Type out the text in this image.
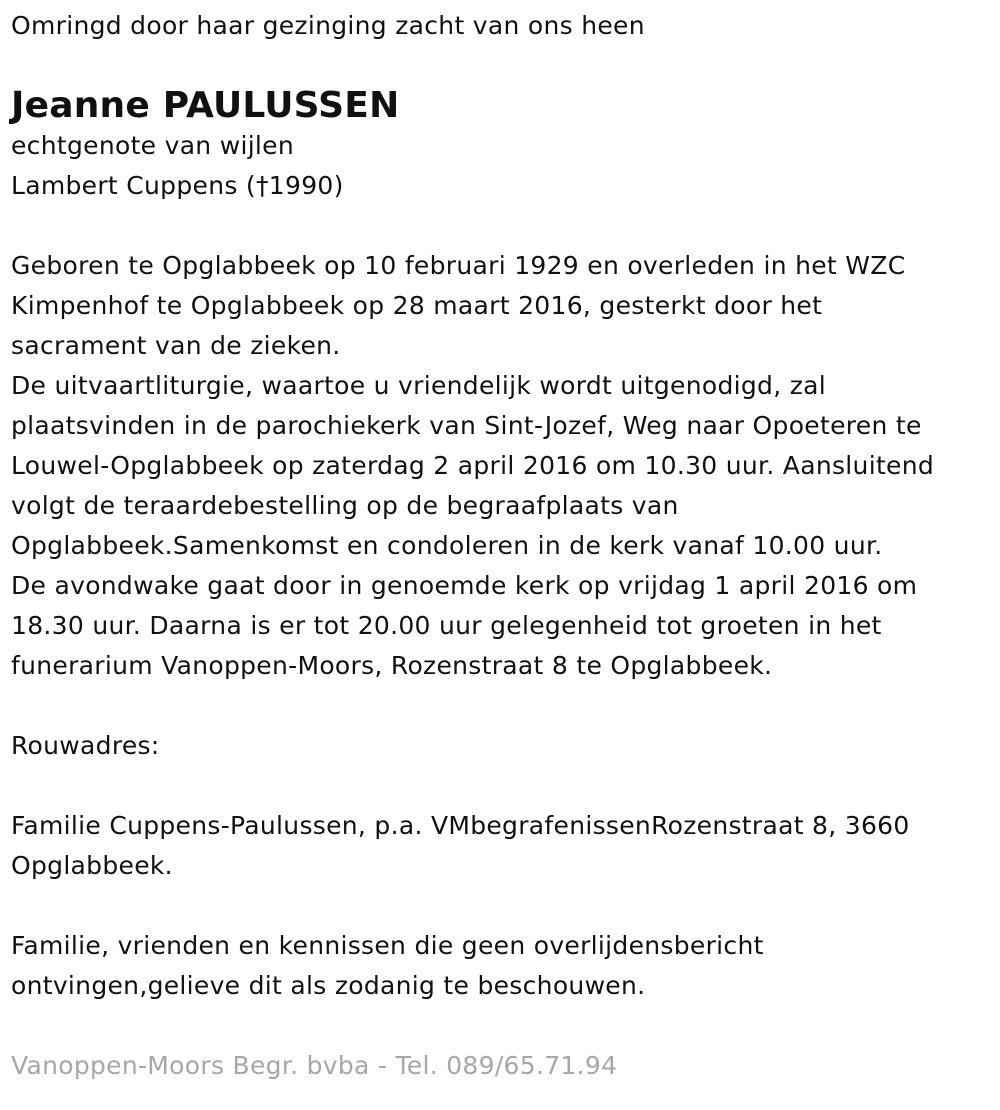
Omringd door haar gezinging zacht van ons heen
Jeanne PAULUSSEN
echtgenote van wijlen
Lambert Cuppens (†1990)
Geboren te Opglabbeek op 10 februari 1929 en overleden in het WZC
Kimpenhof te Opglabbeek op 28 maart 2016, gesterkt door het
sacrament van de zieken.
De uitvaartliturgie, waartoe u vriendelijk wordt uitgenodigd, zal
plaatsvinden in de parochiekerk van Sint-Jozef, Weg naar Opoeteren te
Louwel-Opglabbeek op zaterdag 2 april 2016 om 10.30 uur. Aansluitend
volgt de teraardebestelling op de begraafplaats van
Opglabbeek.Samenkomst en condoleren in de kerk vanaf 10.00 uur.
De avondwake gaat door in genoemde kerk op vrijdag 1 april 2016 om
18.30 uur. Daarna is er tot 20.00 uur gelegenheid tot groeten in het
funerarium Vanoppen-Moors, Rozenstraat 8 te Opglabbeek.
Rouwadres:
Familie Cuppens-Paulussen, p.a. VMbegrafenissenRozenstraat 8, 3660
Opglabbeek.
Familie, vrienden en kennissen die geen overlijdensbericht
ontvingen,gelieve dit als zodanig te beschouwen.
Vanoppen-Moors Begr. bvba - Tel. 089/65.71.94
